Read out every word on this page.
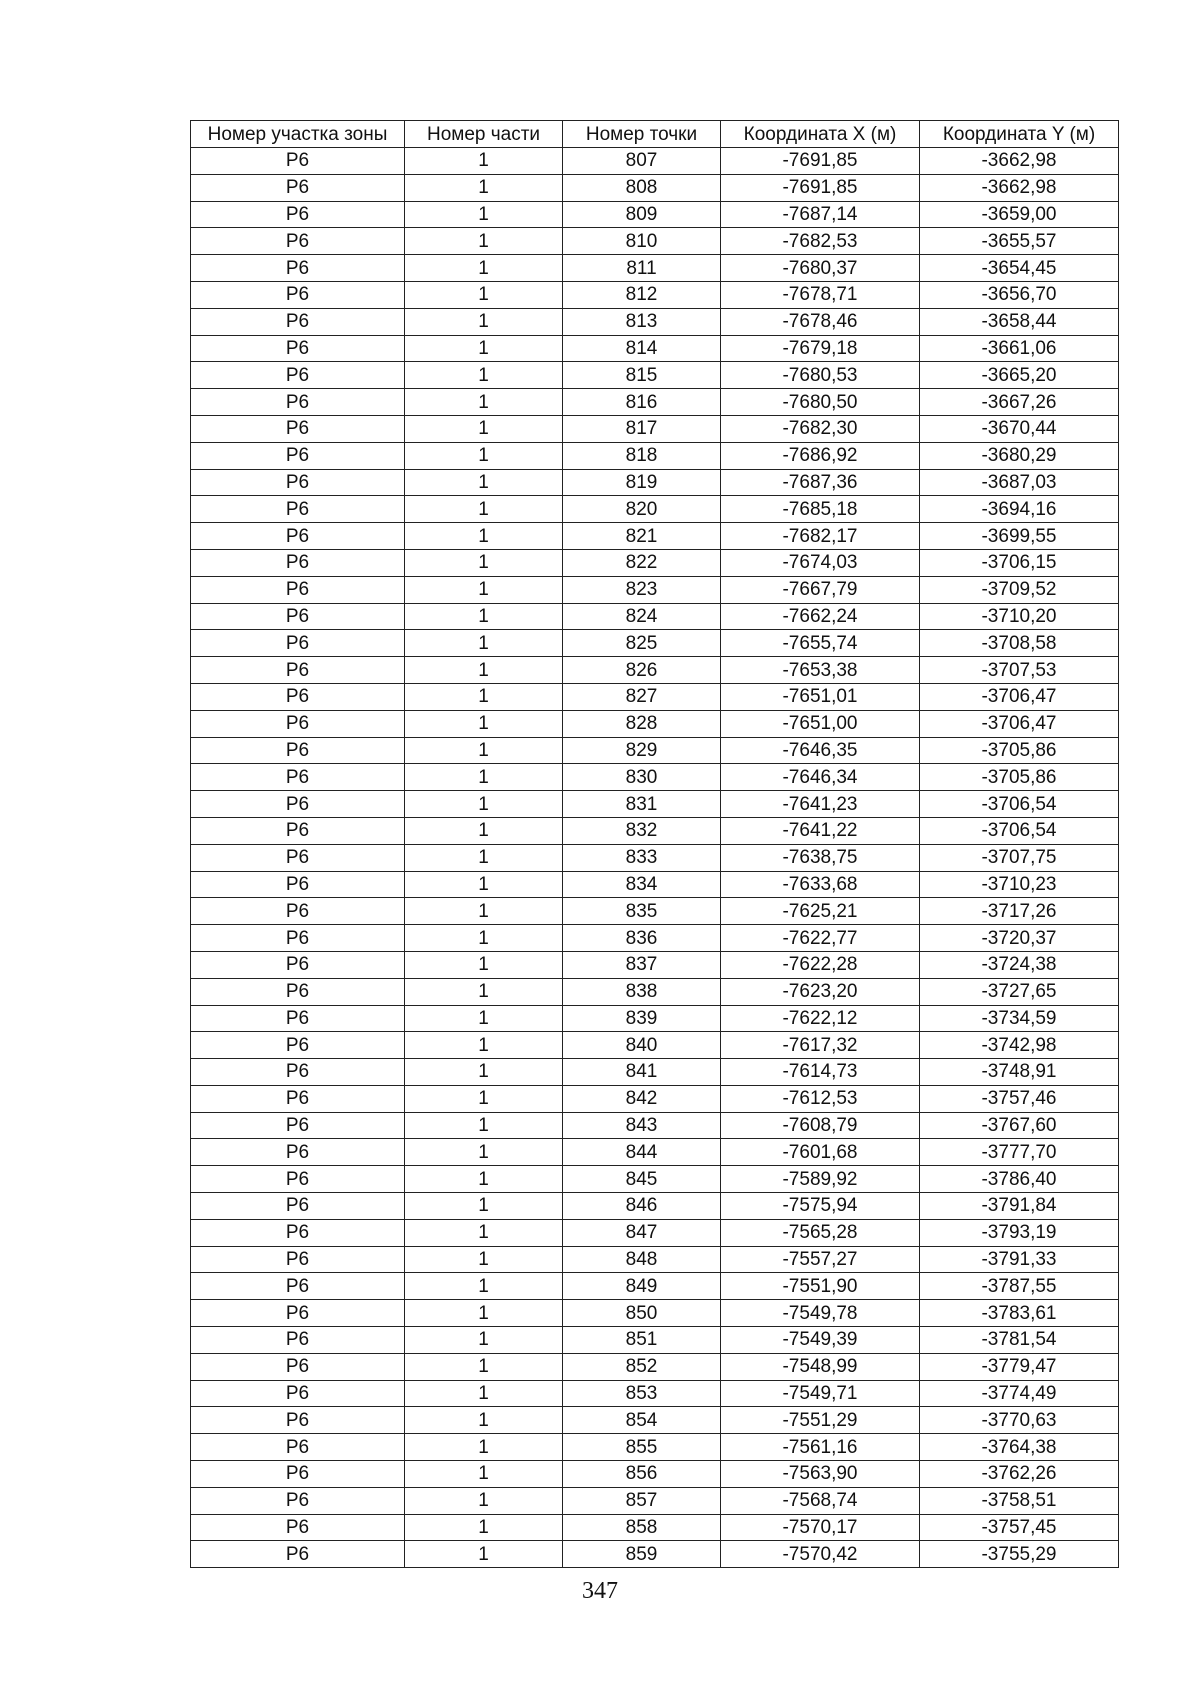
Номер участка зоны	Номер части	Номер точки	Координата X (м)	Координата Y (м)
Р6	1	807	-7691,85	-3662,98
Р6	1	808	-7691,85	-3662,98
Р6	1	809	-7687,14	-3659,00
Р6	1	810	-7682,53	-3655,57
Р6	1	811	-7680,37	-3654,45
Р6	1	812	-7678,71	-3656,70
Р6	1	813	-7678,46	-3658,44
Р6	1	814	-7679,18	-3661,06
Р6	1	815	-7680,53	-3665,20
Р6	1	816	-7680,50	-3667,26
Р6	1	817	-7682,30	-3670,44
Р6	1	818	-7686,92	-3680,29
Р6	1	819	-7687,36	-3687,03
Р6	1	820	-7685,18	-3694,16
Р6	1	821	-7682,17	-3699,55
Р6	1	822	-7674,03	-3706,15
Р6	1	823	-7667,79	-3709,52
Р6	1	824	-7662,24	-3710,20
Р6	1	825	-7655,74	-3708,58
Р6	1	826	-7653,38	-3707,53
Р6	1	827	-7651,01	-3706,47
Р6	1	828	-7651,00	-3706,47
Р6	1	829	-7646,35	-3705,86
Р6	1	830	-7646,34	-3705,86
Р6	1	831	-7641,23	-3706,54
Р6	1	832	-7641,22	-3706,54
Р6	1	833	-7638,75	-3707,75
Р6	1	834	-7633,68	-3710,23
Р6	1	835	-7625,21	-3717,26
Р6	1	836	-7622,77	-3720,37
Р6	1	837	-7622,28	-3724,38
Р6	1	838	-7623,20	-3727,65
Р6	1	839	-7622,12	-3734,59
Р6	1	840	-7617,32	-3742,98
Р6	1	841	-7614,73	-3748,91
Р6	1	842	-7612,53	-3757,46
Р6	1	843	-7608,79	-3767,60
Р6	1	844	-7601,68	-3777,70
Р6	1	845	-7589,92	-3786,40
Р6	1	846	-7575,94	-3791,84
Р6	1	847	-7565,28	-3793,19
Р6	1	848	-7557,27	-3791,33
Р6	1	849	-7551,90	-3787,55
Р6	1	850	-7549,78	-3783,61
Р6	1	851	-7549,39	-3781,54
Р6	1	852	-7548,99	-3779,47
Р6	1	853	-7549,71	-3774,49
Р6	1	854	-7551,29	-3770,63
Р6	1	855	-7561,16	-3764,38
Р6	1	856	-7563,90	-3762,26
Р6	1	857	-7568,74	-3758,51
Р6	1	858	-7570,17	-3757,45
Р6	1	859	-7570,42	-3755,29
347
